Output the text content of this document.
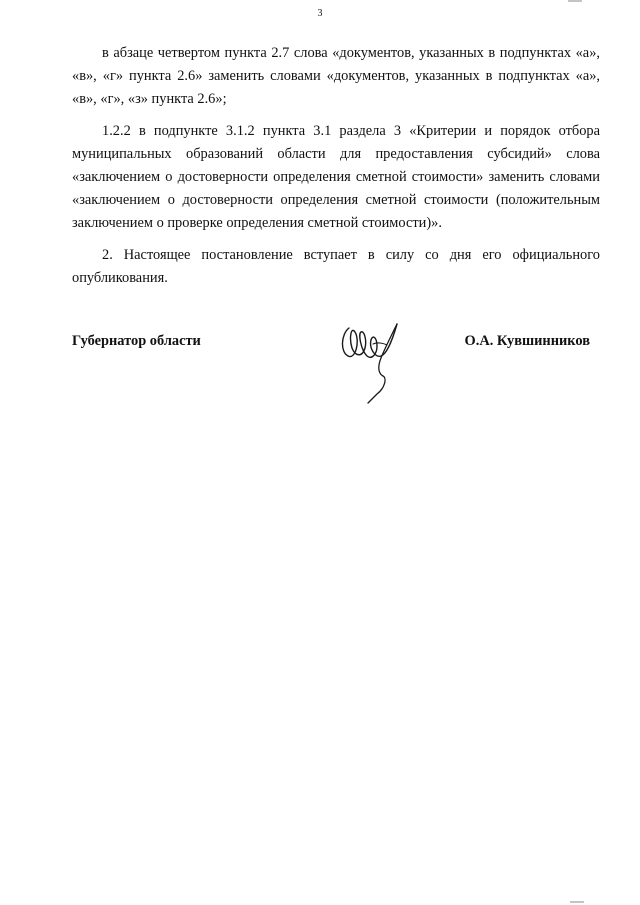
3

в абзаце четвертом пункта 2.7 слова «документов, указанных в подпунктах «а», «в», «г» пункта 2.6» заменить словами «документов, указанных в подпунктах «а», «в», «г», «з» пункта 2.6»;

1.2.2 в подпункте 3.1.2 пункта 3.1 раздела 3 «Критерии и порядок отбора муниципальных образований области для предоставления субсидий» слова «заключением о достоверности определения сметной стоимости» заменить словами «заключением о достоверности определения сметной стоимости (положительным заключением о проверке определения сметной стоимости)».

2. Настоящее постановление вступает в силу со дня его официального опубликования.

Губернатор области	О.А. Кувшинников
